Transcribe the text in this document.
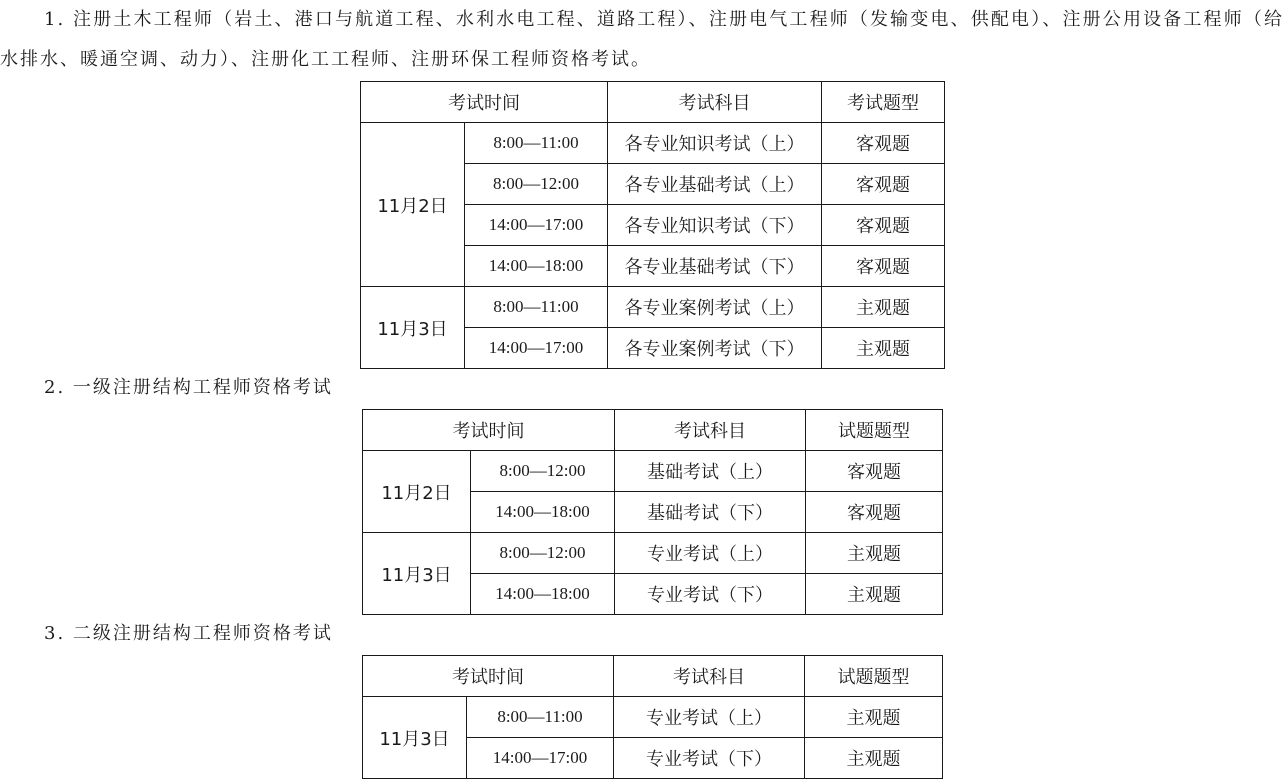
1. 注册土木工程师（岩土、港口与航道工程、水利水电工程、道路工程）、注册电气工程师（发输变电、供配电）、注册公用设备工程师（给水排水、暖通空调、动力）、注册化工工程师、注册环保工程师资格考试。

考试时间		考试科目	考试题型
11月2日	8:00—11:00	各专业知识考试（上）	客观题
	8:00—12:00	各专业基础考试（上）	客观题
	14:00—17:00	各专业知识考试（下）	客观题
	14:00—18:00	各专业基础考试（下）	客观题
11月3日	8:00—11:00	各专业案例考试（上）	主观题
	14:00—17:00	各专业案例考试（下）	主观题

2. 一级注册结构工程师资格考试

考试时间		考试科目	试题题型
11月2日	8:00—12:00	基础考试（上）	客观题
	14:00—18:00	基础考试（下）	客观题
11月3日	8:00—12:00	专业考试（上）	主观题
	14:00—18:00	专业考试（下）	主观题

3. 二级注册结构工程师资格考试

考试时间		考试科目	试题题型
11月3日	8:00—11:00	专业考试（上）	主观题
	14:00—17:00	专业考试（下）	主观题
